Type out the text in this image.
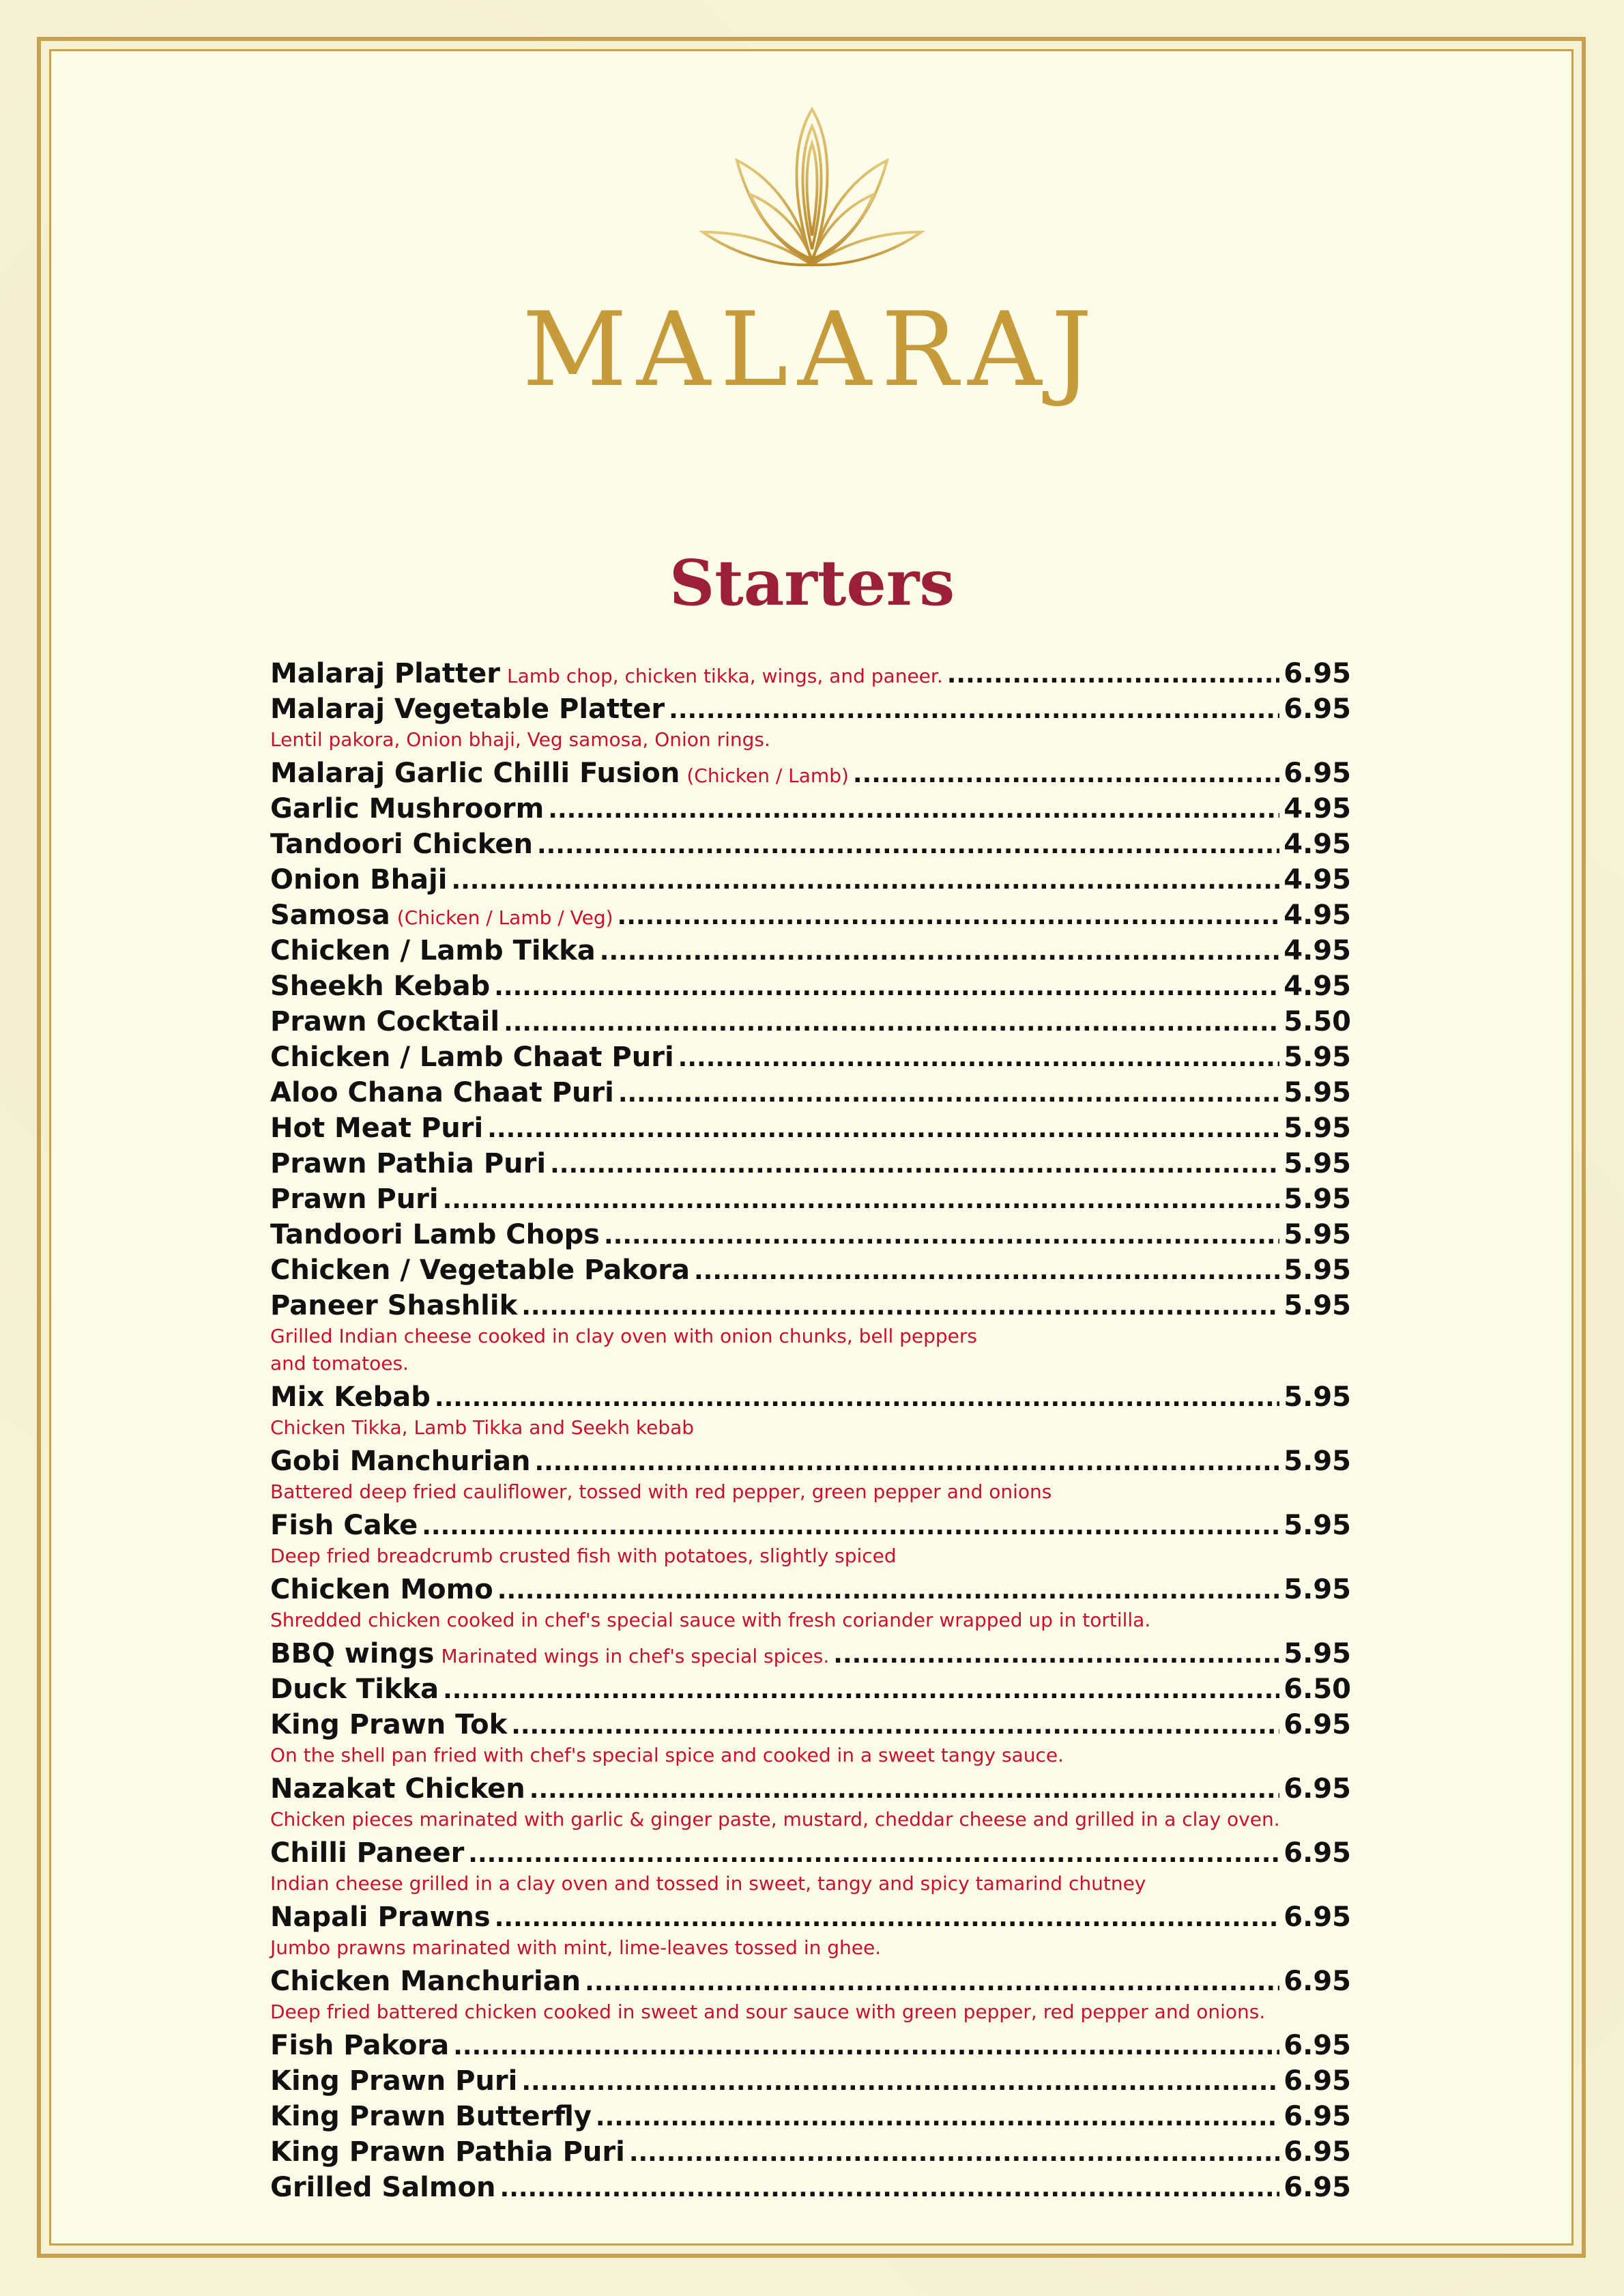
MALARAJ
Starters
Malaraj Platter Lamb chop, chicken tikka, wings, and paneer. .....	6.95
Malaraj Vegetable Platter .....	6.95
Lentil pakora, Onion bhaji, Veg samosa, Onion rings.
Malaraj Garlic Chilli Fusion (Chicken / Lamb) .....	6.95
Garlic Mushroorm .....	4.95
Tandoori Chicken .....	4.95
Onion Bhaji .....	4.95
Samosa (Chicken / Lamb / Veg) .....	4.95
Chicken / Lamb Tikka .....	4.95
Sheekh Kebab .....	4.95
Prawn Cocktail .....	5.50
Chicken / Lamb Chaat Puri .....	5.95
Aloo Chana Chaat Puri .....	5.95
Hot Meat Puri .....	5.95
Prawn Pathia Puri .....	5.95
Prawn Puri .....	5.95
Tandoori Lamb Chops .....	5.95
Chicken / Vegetable Pakora .....	5.95
Paneer Shashlik .....	5.95
Grilled Indian cheese cooked in clay oven with onion chunks, bell peppers
and tomatoes.
Mix Kebab .....	5.95
Chicken Tikka, Lamb Tikka and Seekh kebab
Gobi Manchurian .....	5.95
Battered deep fried cauliflower, tossed with red pepper, green pepper and onions
Fish Cake .....	5.95
Deep fried breadcrumb crusted fish with potatoes, slightly spiced
Chicken Momo .....	5.95
Shredded chicken cooked in chef's special sauce with fresh coriander wrapped up in tortilla.
BBQ wings Marinated wings in chef's special spices. .....	5.95
Duck Tikka .....	6.50
King Prawn Tok .....	6.95
On the shell pan fried with chef's special spice and cooked in a sweet tangy sauce.
Nazakat Chicken .....	6.95
Chicken pieces marinated with garlic & ginger paste, mustard, cheddar cheese and grilled in a clay oven.
Chilli Paneer .....	6.95
Indian cheese grilled in a clay oven and tossed in sweet, tangy and spicy tamarind chutney
Napali Prawns .....	6.95
Jumbo prawns marinated with mint, lime-leaves tossed in ghee.
Chicken Manchurian .....	6.95
Deep fried battered chicken cooked in sweet and sour sauce with green pepper, red pepper and onions.
Fish Pakora .....	6.95
King Prawn Puri .....	6.95
King Prawn Butterfly .....	6.95
King Prawn Pathia Puri .....	6.95
Grilled Salmon .....	6.95
